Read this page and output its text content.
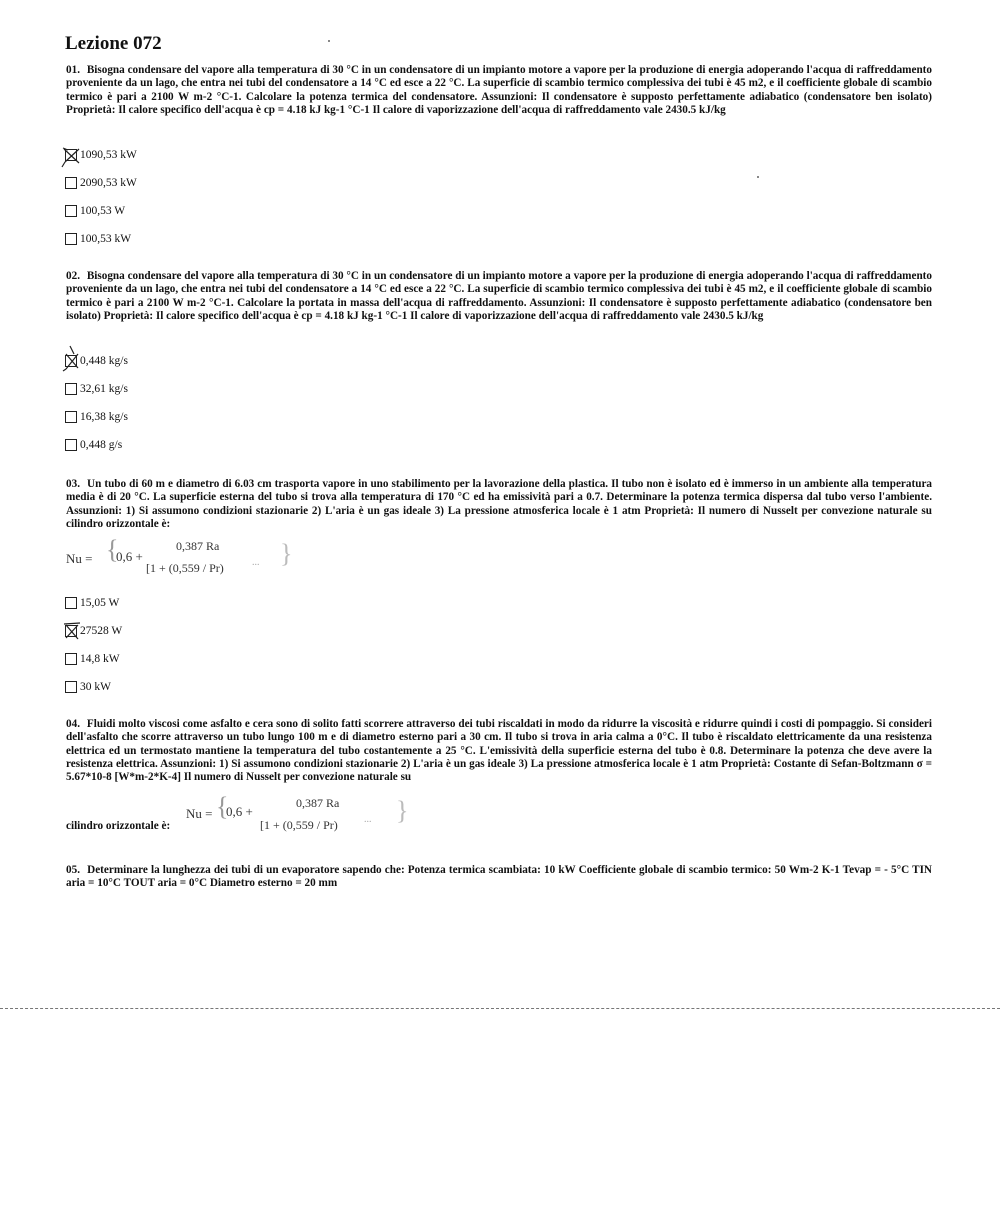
Lezione 072
01. Bisogna condensare del vapore alla temperatura di 30 °C in un condensatore di un impianto motore a vapore per la produzione di energia adoperando l'acqua di raffreddamento proveniente da un lago, che entra nei tubi del condensatore a 14 °C ed esce a 22 °C. La superficie di scambio termico complessiva dei tubi è 45 m2, e il coefficiente globale di scambio termico è pari a 2100 W m-2 °C-1. Calcolare la potenza termica del condensatore. Assunzioni: Il condensatore è supposto perfettamente adiabatico (condensatore ben isolato) Proprietà: Il calore specifico dell'acqua è cp = 4.18 kJ kg-1 °C-1 Il calore di vaporizzazione dell'acqua di raffreddamento vale 2430.5 kJ/kg
1090,53 kW
2090,53 kW
100,53 W
100,53 kW
02. Bisogna condensare del vapore alla temperatura di 30 °C in un condensatore di un impianto motore a vapore per la produzione di energia adoperando l'acqua di raffreddamento proveniente da un lago, che entra nei tubi del condensatore a 14 °C ed esce a 22 °C. La superficie di scambio termico complessiva dei tubi è 45 m2, e il coefficiente globale di scambio termico è pari a 2100 W m-2 °C-1. Calcolare la portata in massa dell'acqua di raffreddamento. Assunzioni: Il condensatore è supposto perfettamente adiabatico (condensatore ben isolato) Proprietà: Il calore specifico dell'acqua è cp = 4.18 kJ kg-1 °C-1 Il calore di vaporizzazione dell'acqua di raffreddamento vale 2430.5 kJ/kg
0,448 kg/s
32,61 kg/s
16,38 kg/s
0,448 g/s
03. Un tubo di 60 m e diametro di 6.03 cm trasporta vapore in uno stabilimento per la lavorazione della plastica. Il tubo non è isolato ed è immerso in un ambiente alla temperatura media è di 20 °C. La superficie esterna del tubo si trova alla temperatura di 170 °C ed ha emissività pari a 0.7. Determinare la potenza termica dispersa dal tubo verso l'ambiente. Assunzioni: 1) Si assumono condizioni stazionarie 2) L'aria è un gas ideale 3) La pressione atmosferica locale è 1 atm Proprietà: Il numero di Nusselt per convezione naturale su cilindro orizzontale è:
Nu = {
0,6 +
0,387 Ra
[1 + (0,559 / Pr)	... }
15,05 W
27528 W
14,8 kW
30 kW
04. Fluidi molto viscosi come asfalto e cera sono di solito fatti scorrere attraverso dei tubi riscaldati in modo da ridurre la viscosità e ridurre quindi i costi di pompaggio. Si consideri dell'asfalto che scorre attraverso un tubo lungo 100 m e di diametro esterno pari a 30 cm. Il tubo si trova in aria calma a 0°C. Il tubo è riscaldato elettricamente da una resistenza elettrica ed un termostato mantiene la temperatura del tubo costantemente a 25 °C. L'emissività della superficie esterna del tubo è 0.8. Determinare la potenza che deve avere la resistenza elettrica. Assunzioni: 1) Si assumono condizioni stazionarie 2) L'aria è un gas ideale 3) La pressione atmosferica locale è 1 atm Proprietà: Costante di Sefan-Boltzmann σ = 5.67*10-8 [W*m-2*K-4] Il numero di Nusselt per convezione naturale su
cilindro orizzontale è:
Nu = {
0,6 +
0,387 Ra
[1 + (0,559 / Pr)	... }
05. Determinare la lunghezza dei tubi di un evaporatore sapendo che: Potenza termica scambiata: 10 kW Coefficiente globale di scambio termico: 50 Wm-2 K-1 Tevap = - 5°C TIN aria = 10°C TOUT aria = 0°C Diametro esterno = 20 mm
